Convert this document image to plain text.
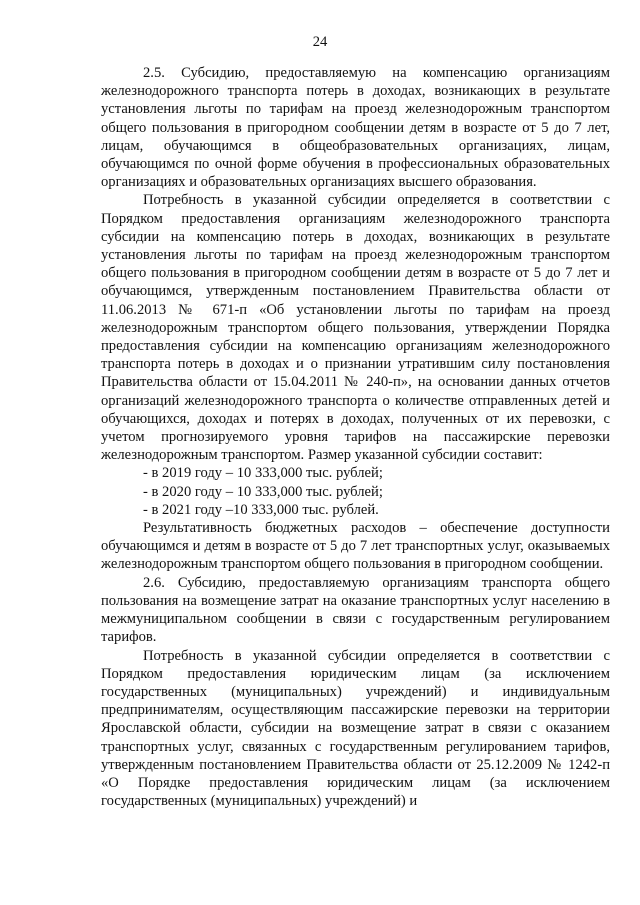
24

2.5. Субсидию, предоставляемую на компенсацию организациям железнодорожного транспорта потерь в доходах, возникающих в результате установления льготы по тарифам на проезд железнодорожным транспортом общего пользования в пригородном сообщении детям в возрасте от 5 до 7 лет, лицам, обучающимся в общеобразовательных организациях, лицам, обучающимся по очной форме обучения в профессиональных образовательных организациях и образовательных организациях высшего образования.

Потребность в указанной субсидии определяется в соответствии с Порядком предоставления организациям железнодорожного транспорта субсидии на компенсацию потерь в доходах, возникающих в результате установления льготы по тарифам на проезд железнодорожным транспортом общего пользования в пригородном сообщении детям в возрасте от 5 до 7 лет и обучающимся, утвержденным постановлением Правительства области от 11.06.2013 № 671-п «Об установлении льготы по тарифам на проезд железнодорожным транспортом общего пользования, утверждении Порядка предоставления субсидии на компенсацию организациям железнодорожного транспорта потерь в доходах и о признании утратившим силу постановления Правительства области от 15.04.2011 № 240-п», на основании данных отчетов организаций железнодорожного транспорта о количестве отправленных детей и обучающихся, доходах и потерях в доходах, полученных от их перевозки, с учетом прогнозируемого уровня тарифов на пассажирские перевозки железнодорожным транспортом. Размер указанной субсидии составит:

- в 2019 году – 10 333,000 тыс. рублей;

- в 2020 году – 10 333,000 тыс. рублей;

- в 2021 году –10 333,000 тыс. рублей.

Результативность бюджетных расходов – обеспечение доступности обучающимся и детям в возрасте от 5 до 7 лет транспортных услуг, оказываемых железнодорожным транспортом общего пользования в пригородном сообщении.

2.6. Субсидию, предоставляемую организациям транспорта общего пользования на возмещение затрат на оказание транспортных услуг населению в межмуниципальном сообщении в связи с государственным регулированием тарифов.

Потребность в указанной субсидии определяется в соответствии с Порядком предоставления юридическим лицам (за исключением государственных (муниципальных) учреждений) и индивидуальным предпринимателям, осуществляющим пассажирские перевозки на территории Ярославской области, субсидии на возмещение затрат в связи с оказанием транспортных услуг, связанных с государственным регулированием тарифов, утвержденным постановлением Правительства области от 25.12.2009 № 1242-п «О Порядке предоставления юридическим лицам (за исключением государственных (муниципальных) учреждений) и
